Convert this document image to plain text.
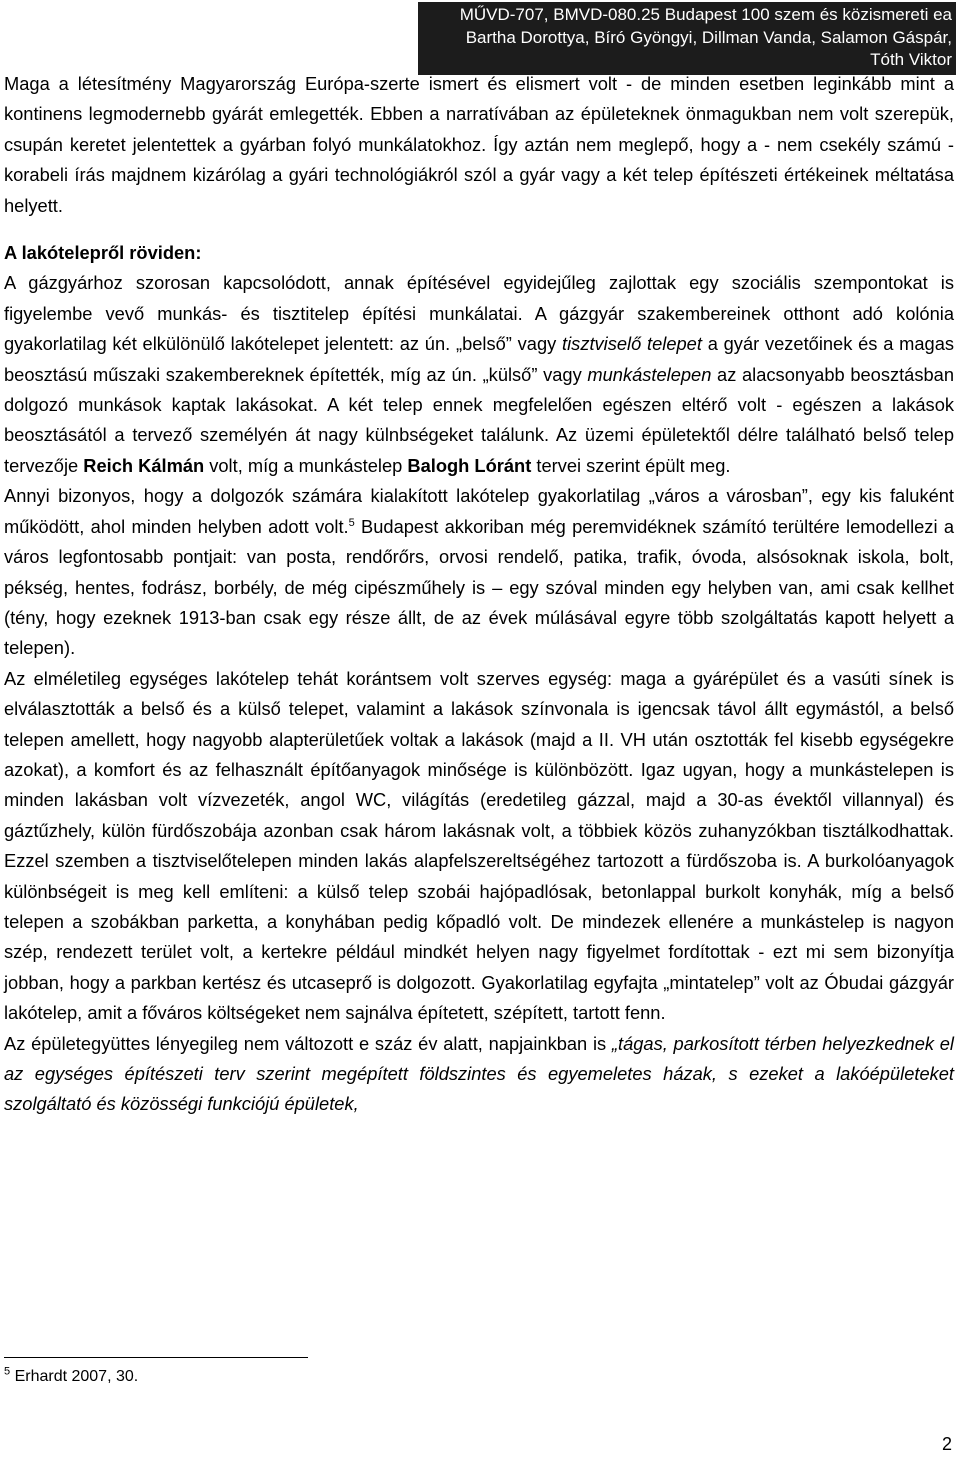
MŰVD-707, BMVD-080.25 Budapest 100 szem és közismereti ea
Bartha Dorottya, Bíró Gyöngyi, Dillman Vanda, Salamon Gáspár, Tóth Viktor

Maga a létesítmény Magyarország Európa-szerte ismert és elismert volt - de minden esetben leginkább mint a kontinens legmodernebb gyárát emlegették. Ebben a narratívában az épületeknek önmagukban nem volt szerepük, csupán keretet jelentettek a gyárban folyó munkálatokhoz. Így aztán nem meglepő, hogy a - nem csekély számú - korabeli írás majdnem kizárólag a gyári technológiákról szól a gyár vagy a két telep építészeti értékeinek méltatása helyett.

A lakótelepről röviden:

A gázgyárhoz szorosan kapcsolódott, annak építésével egyidejűleg zajlottak egy szociális szempontokat is figyelembe vevő munkás- és tisztitelep építési munkálatai. A gázgyár szakembereinek otthont adó kolónia gyakorlatilag két elkülönülő lakótelepet jelentett: az ún. „belső” vagy tisztviselő telepet a gyár vezetőinek és a magas beosztású műszaki szakembereknek építették, míg az ún. „külső” vagy munkástelepen az alacsonyabb beosztásban dolgozó munkások kaptak lakásokat. A két telep ennek megfelelően egészen eltérő volt - egészen a lakások beosztásától a tervező személyén át nagy külnbségeket találunk. Az üzemi épületektől délre található belső telep tervezője Reich Kálmán volt, míg a munkástelep Balogh Lóránt tervei szerint épült meg.

Annyi bizonyos, hogy a dolgozók számára kialakított lakótelep gyakorlatilag „város a városban”, egy kis faluként működött, ahol minden helyben adott volt.$^5$ Budapest akkoriban még peremvidéknek számító terültére lemodellezi a város legfontosabb pontjait: van posta, rendőrőrs, orvosi rendelő, patika, trafik, óvoda, alsósoknak iskola, bolt, pékség, hentes, fodrász, borbély, de még cipészműhely is – egy szóval minden egy helyben van, ami csak kellhet (tény, hogy ezeknek 1913-ban csak egy része állt, de az évek múlásával egyre több szolgáltatás kapott helyett a telepen).

Az elméletileg egységes lakótelep tehát korántsem volt szerves egység: maga a gyárépület és a vasúti sínek is elválasztották a belső és a külső telepet, valamint a lakások színvonala is igencsak távol állt egymástól, a belső telepen amellett, hogy nagyobb alapterületűek voltak a lakások (majd a II. VH után osztották fel kisebb egységekre azokat), a komfort és az felhasznált építőanyagok minősége is különbözött. Igaz ugyan, hogy a munkástelepen is minden lakásban volt vízvezeték, angol WC, világítás (eredetileg gázzal, majd a 30-as évektől villannyal) és gáztűzhely, külön fürdőszobája azonban csak három lakásnak volt, a többiek közös zuhanyzókban tisztálkodhattak. Ezzel szemben a tisztviselőtelepen minden lakás alapfelszereltségéhez tartozott a fürdőszoba is. A burkolóanyagok különbségeit is meg kell említeni: a külső telep szobái hajópadlósak, betonlappal burkolt konyhák, míg a belső telepen a szobákban parketta, a konyhában pedig kőpadló volt. De mindezek ellenére a munkástelep is nagyon szép, rendezett terület volt, a kertekre például mindkét helyen nagy figyelmet fordítottak - ezt mi sem bizonyítja jobban, hogy a parkban kertész és utcaseprő is dolgozott. Gyakorlatilag egyfajta „mintatelep” volt az Óbudai gázgyár lakótelep, amit a főváros költségeket nem sajnálva építetett, szépített, tartott fenn.

Az épületegyüttes lényegileg nem változott e száz év alatt, napjainkban is „tágas, parkosított térben helyezkednek el az egységes építészeti terv szerint megépített földszintes és egyemeletes házak, s ezeket a lakóépületeket szolgáltató és közösségi funkciójú épületek,

$^5$ Erhardt 2007, 30.
2
